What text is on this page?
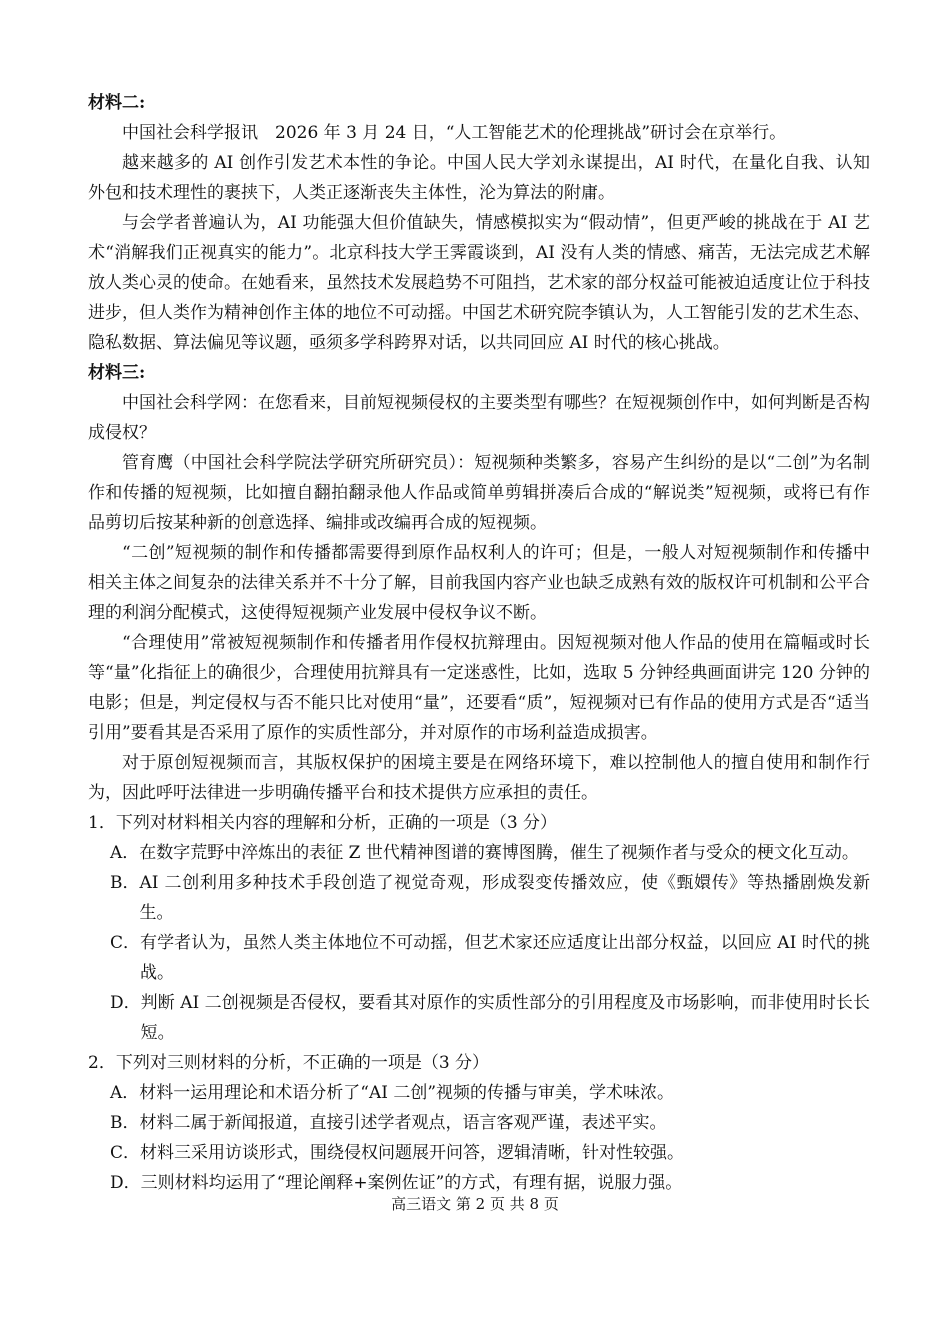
材料二:

中国社会科学报讯　2026 年 3 月 24 日，“人工智能艺术的伦理挑战”研讨会在京举行。

越来越多的 AI 创作引发艺术本性的争论。中国人民大学刘永谋提出，AI 时代，在量化自我、认知外包和技术理性的裹挟下，人类正逐渐丧失主体性，沦为算法的附庸。

与会学者普遍认为，AI 功能强大但价值缺失，情感模拟实为“假动情”，但更严峻的挑战在于 AI 艺术“消解我们正视真实的能力”。北京科技大学王霁霞谈到，AI 没有人类的情感、痛苦，无法完成艺术解放人类心灵的使命。在她看来，虽然技术发展趋势不可阻挡，艺术家的部分权益可能被迫适度让位于科技进步，但人类作为精神创作主体的地位不可动摇。中国艺术研究院李镇认为，人工智能引发的艺术生态、隐私数据、算法偏见等议题，亟须多学科跨界对话，以共同回应 AI 时代的核心挑战。

材料三:

中国社会科学网：在您看来，目前短视频侵权的主要类型有哪些？在短视频创作中，如何判断是否构成侵权？

管育鹰（中国社会科学院法学研究所研究员）：短视频种类繁多，容易产生纠纷的是以“二创”为名制作和传播的短视频，比如擅自翻拍翻录他人作品或简单剪辑拼凑后合成的“解说类”短视频，或将已有作品剪切后按某种新的创意选择、编排或改编再合成的短视频。

“二创”短视频的制作和传播都需要得到原作品权利人的许可；但是，一般人对短视频制作和传播中相关主体之间复杂的法律关系并不十分了解，目前我国内容产业也缺乏成熟有效的版权许可机制和公平合理的利润分配模式，这使得短视频产业发展中侵权争议不断。

“合理使用”常被短视频制作和传播者用作侵权抗辩理由。因短视频对他人作品的使用在篇幅或时长等“量”化指征上的确很少，合理使用抗辩具有一定迷惑性，比如，选取 5 分钟经典画面讲完 120 分钟的电影；但是，判定侵权与否不能只比对使用“量”，还要看“质”，短视频对已有作品的使用方式是否“适当引用”要看其是否采用了原作的实质性部分，并对原作的市场利益造成损害。

对于原创短视频而言，其版权保护的困境主要是在网络环境下，难以控制他人的擅自使用和制作行为，因此呼吁法律进一步明确传播平台和技术提供方应承担的责任。

1．下列对材料相关内容的理解和分析，正确的一项是（3 分）

A． 在数字荒野中淬炼出的表征 Z 世代精神图谱的赛博图腾，催生了视频作者与受众的梗文化互动。
B． AI 二创利用多种技术手段创造了视觉奇观，形成裂变传播效应，使《甄嬛传》等热播剧焕发新生。
C． 有学者认为，虽然人类主体地位不可动摇，但艺术家还应适度让出部分权益，以回应 AI 时代的挑战。
D． 判断 AI 二创视频是否侵权，要看其对原作的实质性部分的引用程度及市场影响，而非使用时长长短。

2．下列对三则材料的分析，不正确的一项是（3 分）

A． 材料一运用理论和术语分析了“AI 二创”视频的传播与审美，学术味浓。
B． 材料二属于新闻报道，直接引述学者观点，语言客观严谨，表述平实。
C． 材料三采用访谈形式，围绕侵权问题展开问答，逻辑清晰，针对性较强。
D． 三则材料均运用了“理论阐释+案例佐证”的方式，有理有据，说服力强。
高三语文 第 2 页 共 8 页
